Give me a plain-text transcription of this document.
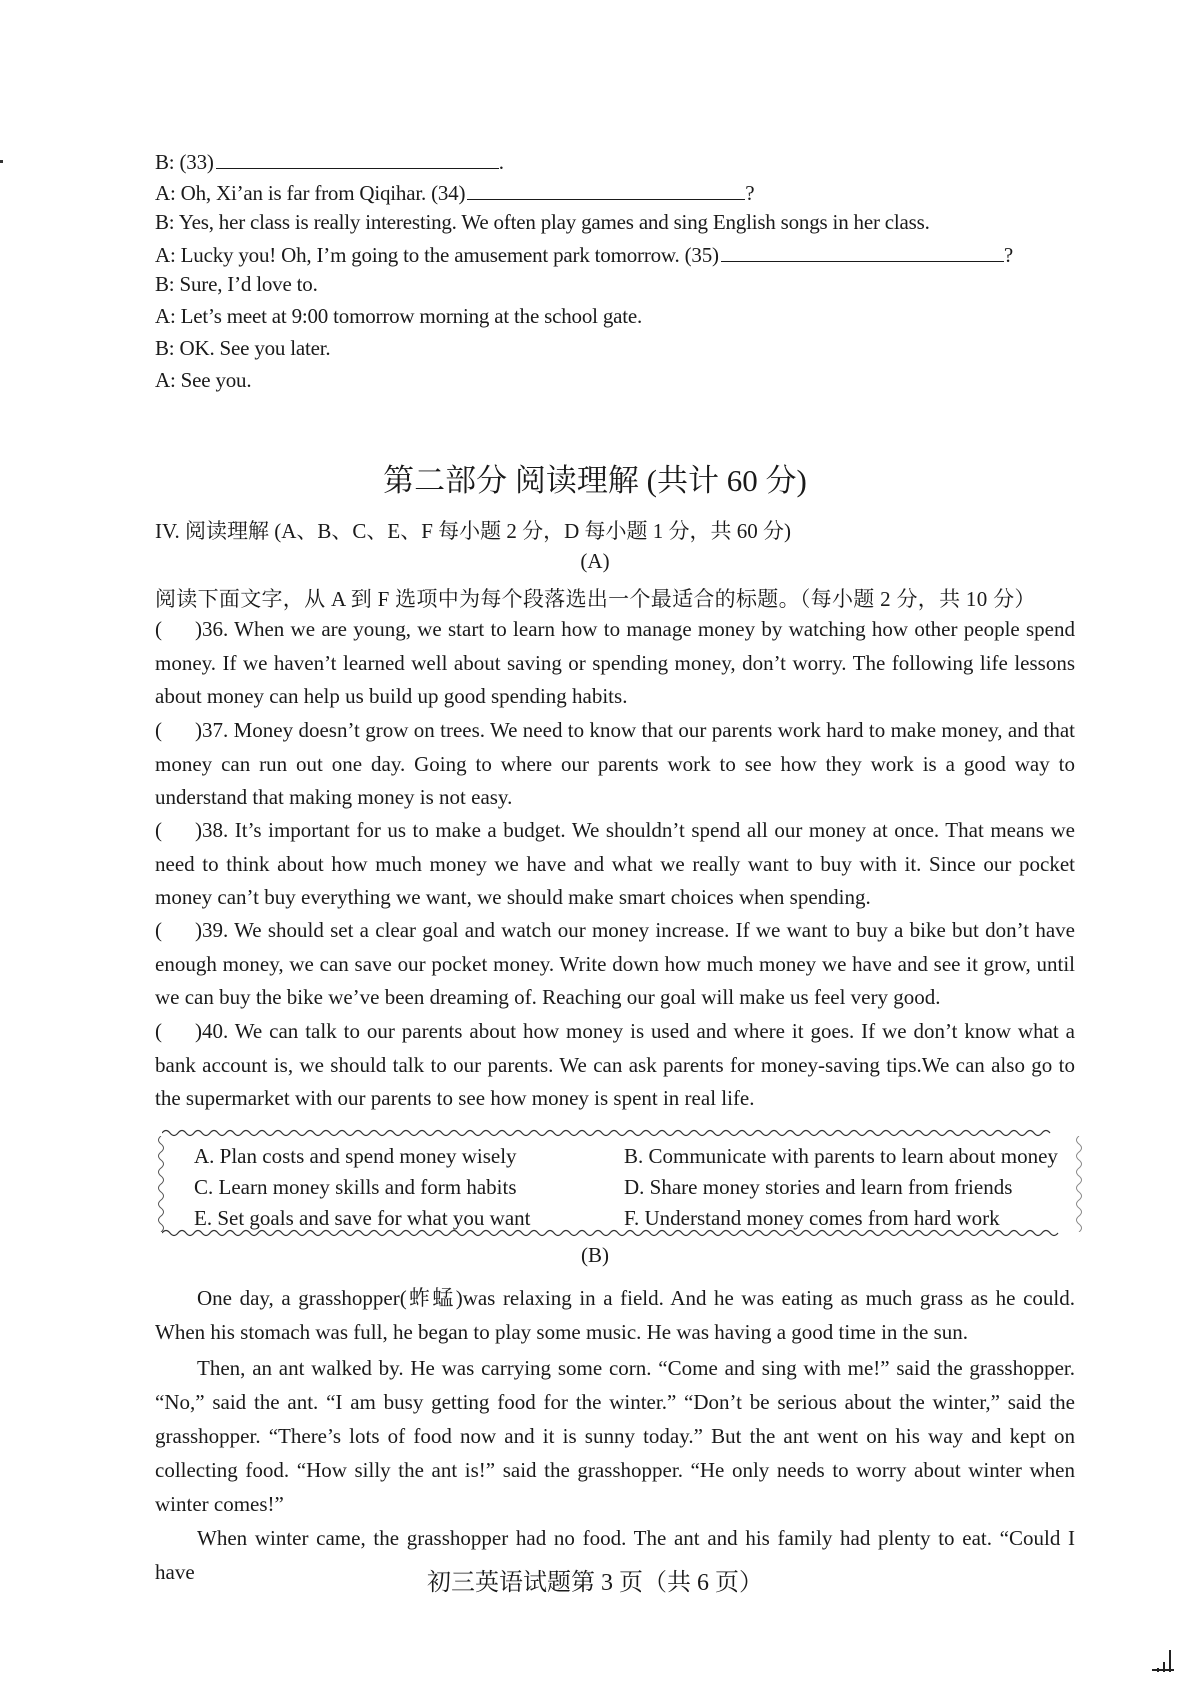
B: (33)	.
A: Oh, Xi’an is far from Qiqihar. (34)	?
B: Yes, her class is really interesting. We often play games and sing English songs in her class.
A: Lucky you! Oh, I’m going to the amusement park tomorrow. (35)	?
B: Sure, I’d love to.
A: Let’s meet at 9:00 tomorrow morning at the school gate.
B: OK. See you later.
A: See you.
第二部分 阅读理解 (共计 60 分)
IV. 阅读理解 (A、B、C、E、F 每小题 2 分，D 每小题 1 分，共 60 分)
(A)
阅读下面文字，从 A 到 F 选项中为每个段落选出一个最适合的标题。（每小题 2 分，共 10 分）
( )36. When we are young, we start to learn how to manage money by watching how other people spend money. If we haven’t learned well about saving or spending money, don’t worry. The following life lessons about money can help us build up good spending habits.
( )37. Money doesn’t grow on trees. We need to know that our parents work hard to make money, and that money can run out one day. Going to where our parents work to see how they work is a good way to understand that making money is not easy.
( )38. It’s important for us to make a budget. We shouldn’t spend all our money at once. That means we need to think about how much money we have and what we really want to buy with it. Since our pocket money can’t buy everything we want, we should make smart choices when spending.
( )39. We should set a clear goal and watch our money increase. If we want to buy a bike but don’t have enough money, we can save our pocket money. Write down how much money we have and see it grow, until we can buy the bike we’ve been dreaming of. Reaching our goal will make us feel very good.
( )40. We can talk to our parents about how money is used and where it goes. If we don’t know what a bank account is, we should talk to our parents. We can ask parents for money-saving tips.We can also go to the supermarket with our parents to see how money is spent in real life.
A. Plan costs and spend money wisely	B. Communicate with parents to learn about money
C. Learn money skills and form habits	D. Share money stories and learn from friends
E. Set goals and save for what you want	F. Understand money comes from hard work
(B)
One day, a grasshopper(蚱蜢)was relaxing in a field. And he was eating as much grass as he could. When his stomach was full, he began to play some music. He was having a good time in the sun.
Then, an ant walked by. He was carrying some corn. “Come and sing with me!” said the grasshopper. “No,” said the ant. “I am busy getting food for the winter.” “Don’t be serious about the winter,” said the grasshopper. “There’s lots of food now and it is sunny today.” But the ant went on his way and kept on collecting food. “How silly the ant is!” said the grasshopper. “He only needs to worry about winter when winter comes!”
When winter came, the grasshopper had no food. The ant and his family had plenty to eat. “Could I have	初三英语试题第 3 页（共 6 页）
